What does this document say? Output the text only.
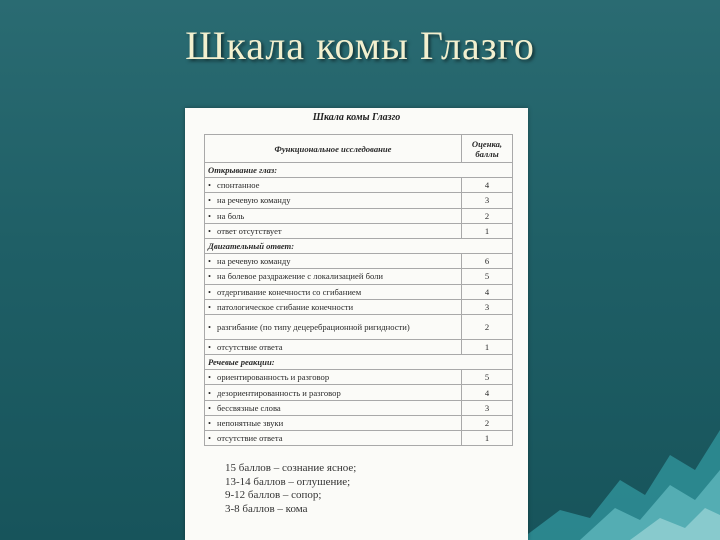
Шкала комы Глазго
Шкала комы Глазго
Функциональное исследование	Оценка, баллы
Открывание глаз:	
• спонтанное	4
• на речевую команду	3
• на боль	2
• ответ отсутствует	1
Двигательный ответ:	
• на речевую команду	6
• на болевое раздражение с локализацией боли	5
• отдергивание конечности со сгибанием	4
• патологическое сгибание конечности	3
• разгибание (по типу децеребрационной ригидности)	2
• отсутствие ответа	1
Речевые реакции:	
• ориентированность и разговор	5
• дезориентированность и разговор	4
• бессвязные слова	3
• непонятные звуки	2
• отсутствие ответа	1
15 баллов – сознание ясное;
13-14 баллов – оглушение;
9-12 баллов – сопор;
3-8 баллов – кома
